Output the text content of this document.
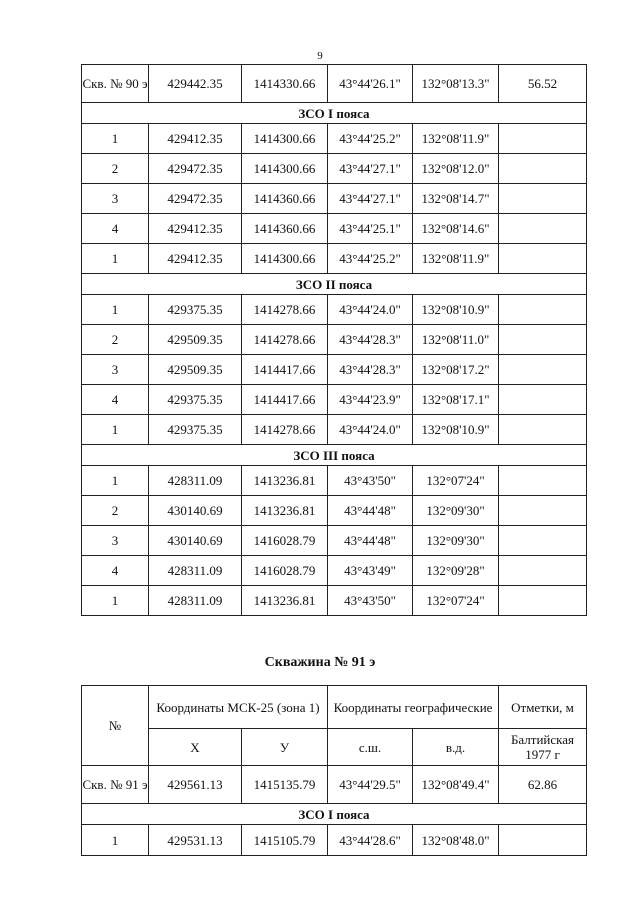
9
Скв. № 90 э	429442.35	1414330.66	43°44'26.1"	132°08'13.3"	56.52
ЗСО I пояса					
1	429412.35	1414300.66	43°44'25.2"	132°08'11.9"	
2	429472.35	1414300.66	43°44'27.1"	132°08'12.0"	
3	429472.35	1414360.66	43°44'27.1"	132°08'14.7"	
4	429412.35	1414360.66	43°44'25.1"	132°08'14.6"	
1	429412.35	1414300.66	43°44'25.2"	132°08'11.9"	
ЗСО II пояса					
1	429375.35	1414278.66	43°44'24.0"	132°08'10.9"	
2	429509.35	1414278.66	43°44'28.3"	132°08'11.0"	
3	429509.35	1414417.66	43°44'28.3"	132°08'17.2"	
4	429375.35	1414417.66	43°44'23.9"	132°08'17.1"	
1	429375.35	1414278.66	43°44'24.0"	132°08'10.9"	
ЗСО III пояса					
1	428311.09	1413236.81	43°43'50"	132°07'24"	
2	430140.69	1413236.81	43°44'48"	132°09'30"	
3	430140.69	1416028.79	43°44'48"	132°09'30"	
4	428311.09	1416028.79	43°43'49"	132°09'28"	
1	428311.09	1413236.81	43°43'50"	132°07'24"	
Скважина № 91 э
№	Координаты МСК-25 (зона 1)		Координаты географические		Отметки, м
	X	У	с.ш.	в.д.	Балтийская 1977 г
Скв. № 91 э	429561.13	1415135.79	43°44'29.5"	132°08'49.4"	62.86
ЗСО I пояса					
1	429531.13	1415105.79	43°44'28.6"	132°08'48.0"	
